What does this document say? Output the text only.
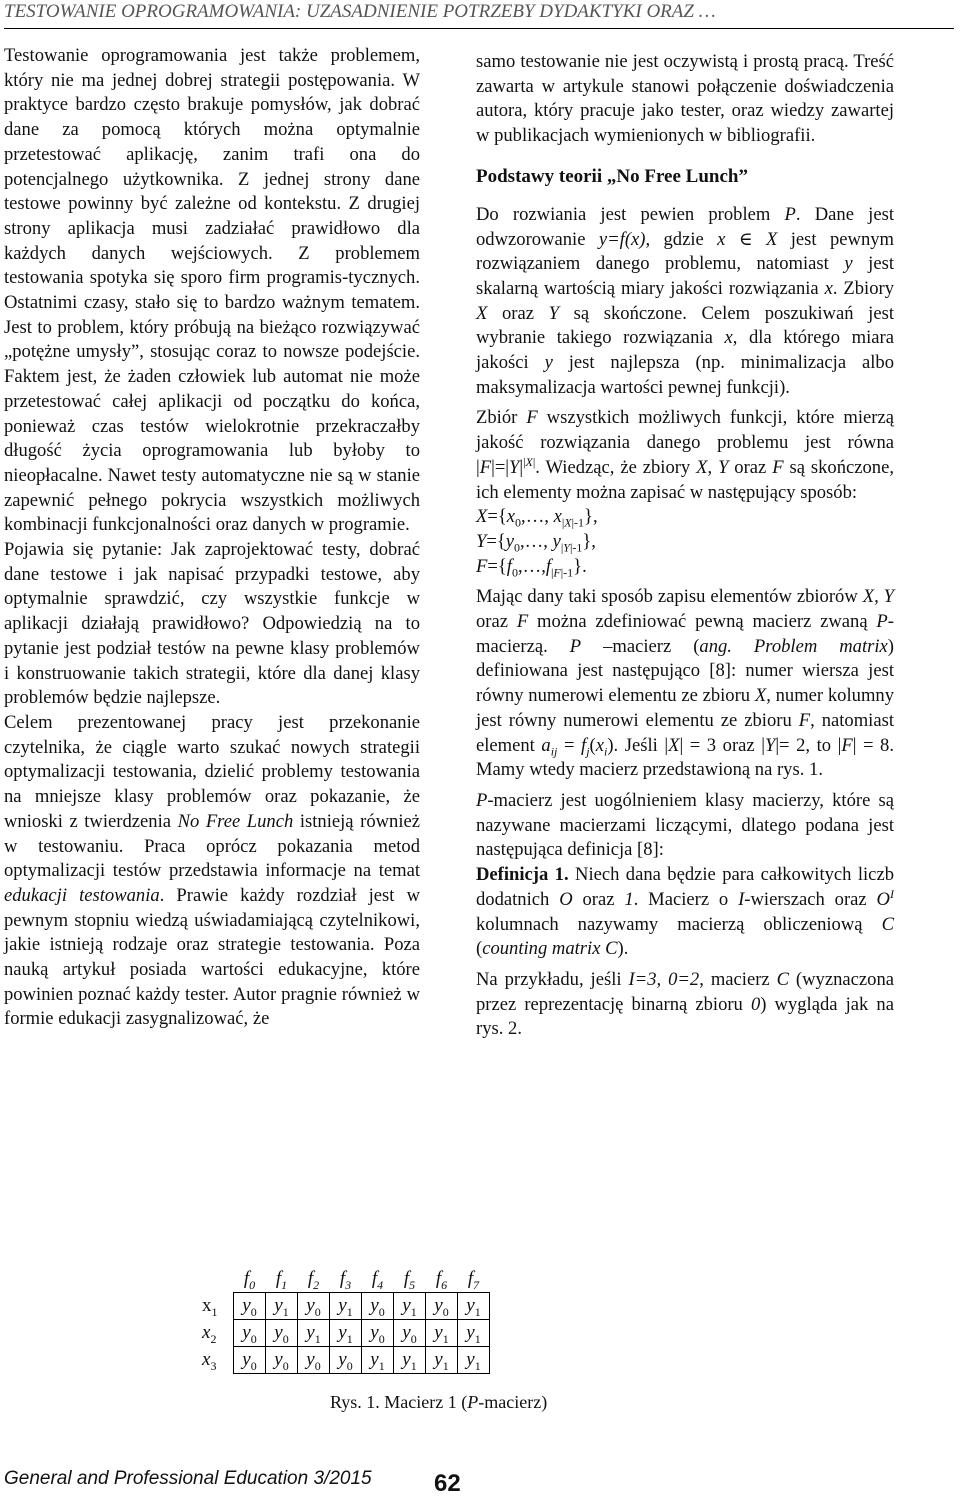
TESTOWANIE OPROGRAMOWANIA: UZASADNIENIE POTRZEBY DYDAKTYKI ORAZ …

Testowanie oprogramowania jest także problemem, który nie ma jednej dobrej strategii postępowania. W praktyce bardzo często brakuje pomysłów, jak dobrać dane za pomocą których można optymalnie przetestować aplikację, zanim trafi ona do potencjalnego użytkownika. Z jednej strony dane testowe powinny być zależne od kontekstu. Z drugiej strony aplikacja musi zadziałać prawidłowo dla każdych danych wejściowych. Z problemem testowania spotyka się sporo firm programis-tycznych. Ostatnimi czasy, stało się to bardzo ważnym tematem. Jest to problem, który próbują na bieżąco rozwiązywać „potężne umysły”, stosując coraz to nowsze podejście. Faktem jest, że żaden człowiek lub automat nie może przetestować całej aplikacji od początku do końca, ponieważ czas testów wielokrotnie przekraczałby długość życia oprogramowania lub byłoby to nieopłacalne. Nawet testy automatyczne nie są w stanie zapewnić pełnego pokrycia wszystkich możliwych kombinacji funkcjonalności oraz danych w programie.

Pojawia się pytanie: Jak zaprojektować testy, dobrać dane testowe i jak napisać przypadki testowe, aby optymalnie sprawdzić, czy wszystkie funkcje w aplikacji działają prawidłowo? Odpowiedzią na to pytanie jest podział testów na pewne klasy problemów i konstruowanie takich strategii, które dla danej klasy problemów będzie najlepsze.

Celem prezentowanej pracy jest przekonanie czytelnika, że ciągle warto szukać nowych strategii optymalizacji testowania, dzielić problemy testowania na mniejsze klasy problemów oraz pokazanie, że wnioski z twierdzenia No Free Lunch istnieją również w testowaniu. Praca oprócz pokazania metod optymalizacji testów przedstawia informacje na temat edukacji testowania. Prawie każdy rozdział jest w pewnym stopniu wiedzą uświadamiającą czytelnikowi, jakie istnieją rodzaje oraz strategie testowania. Poza nauką artykuł posiada wartości edukacyjne, które powinien poznać każdy tester. Autor pragnie również w formie edukacji zasygnalizować, że

samo testowanie nie jest oczywistą i prostą pracą. Treść zawarta w artykule stanowi połączenie doświadczenia autora, który pracuje jako tester, oraz wiedzy zawartej w publikacjach wymienionych w bibliografii.

Podstawy teorii „No Free Lunch”

Do rozwiania jest pewien problem P. Dane jest odwzorowanie y=f(x), gdzie x ∈ X jest pewnym rozwiązaniem danego problemu, natomiast y jest skalarną wartością miary jakości rozwiązania x. Zbiory X oraz Y są skończone. Celem poszukiwań jest wybranie takiego rozwiązania x, dla którego miara jakości y jest najlepsza (np. minimalizacja albo maksymalizacja wartości pewnej funkcji).

Zbiór F wszystkich możliwych funkcji, które mierzą jakość rozwiązania danego problemu jest równa $|F|=|Y|^{|X|}$. Wiedząc, że zbiory X, Y oraz F są skończone, ich elementy można zapisać w następujący sposób:

$X=\{x_0,\dots$, $x_{|X|-1}$},

$Y=\{y_0,\dots$, $y_{|Y|-1}$},

$F=\{f_0,\dots,f_{|F|-1}\}$.

Mając dany taki sposób zapisu elementów zbiorów X, Y oraz F można zdefiniować pewną macierz zwaną P-macierzą. P –macierz (ang. Problem matrix) definiowana jest następująco [8]: numer wiersza jest równy numerowi elementu ze zbioru X, numer kolumny jest równy numerowi elementu ze zbioru F, natomiast element $a_{ij} = f_j(x_i)$. Jeśli |X| = 3 oraz |Y|= 2, to |F| = 8. Mamy wtedy macierz przedstawioną na rys. 1.

P-macierz jest uogólnieniem klasy macierzy, które są nazywane macierzami liczącymi, dlatego podana jest następująca definicja [8]:

Definicja 1. Niech dana będzie para całkowitych liczb dodatnich O oraz 1. Macierz o I-wierszach oraz $O^I$ kolumnach nazywamy macierzą obliczeniową C (counting matrix C).

Na przykładu, jeśli I=3, 0=2, macierz C (wyznaczona przez reprezentację binarną zbioru 0) wygląda jak na rys. 2.

	$f_0$	$f_1$	$f_2$	$f_3$	$f_4$	$f_5$	$f_6$	$f_7$
$x_1$	$y_0$	$y_1$	$y_0$	$y_1$	$y_0$	$y_1$	$y_0$	$y_1$
$x_2$	$y_0$	$y_0$	$y_1$	$y_1$	$y_0$	$y_0$	$y_1$	$y_1$
$x_3$	$y_0$	$y_0$	$y_0$	$y_0$	$y_1$	$y_1$	$y_1$	$y_1$
Rys. 1. Macierz 1 (P-macierz)
General and Professional Education 3/2015	62
